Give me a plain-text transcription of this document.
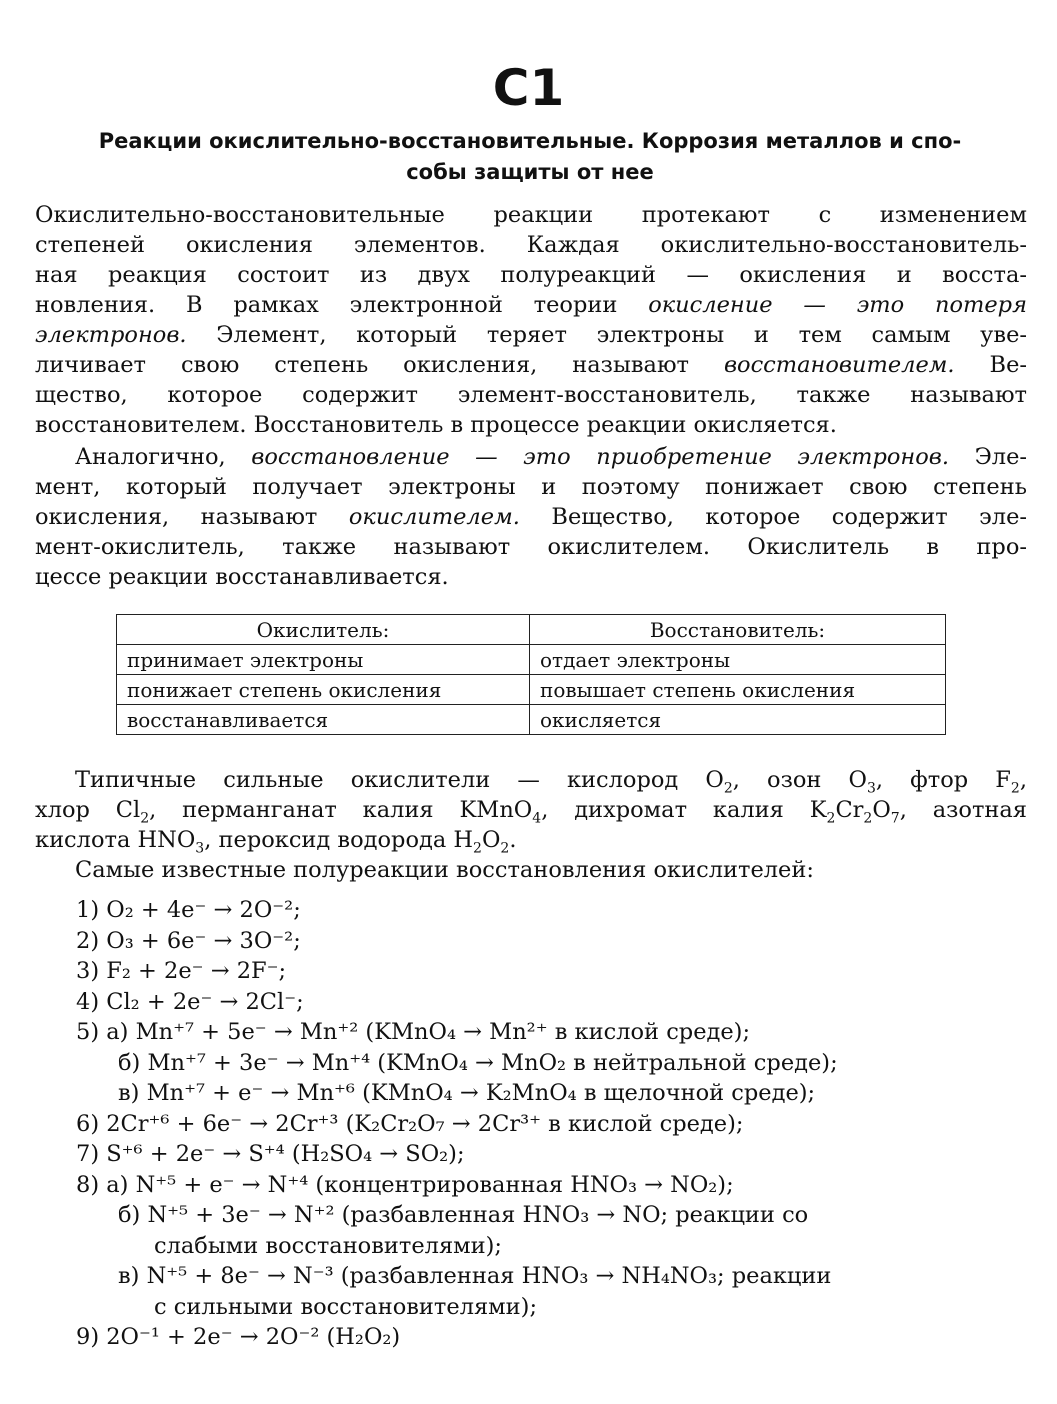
С1
Реакции окислительно-восстановительные. Коррозия металлов и спо-
собы защиты от нее
Окислительно-восстановительные реакции протекают с изменением
степеней окисления элементов. Каждая окислительно-восстановитель-
ная реакция состоит из двух полуреакций — окисления и восста-
новления. В рамках электронной теории окисление — это потеря
электронов. Элемент, который теряет электроны и тем самым уве-
личивает свою степень окисления, называют восстановителем. Ве-
щество, которое содержит элемент-восстановитель, также называют
восстановителем. Восстановитель в процессе реакции окисляется.
Аналогично, восстановление — это приобретение электронов. Эле-
мент, который получает электроны и поэтому понижает свою степень
окисления, называют окислителем. Вещество, которое содержит эле-
мент-окислитель, также называют окислителем. Окислитель в про-
цессе реакции восстанавливается.
Окислитель:	Восстановитель:
принимает электроны	отдает электроны
понижает степень окисления	повышает степень окисления
восстанавливается	окисляется
Типичные сильные окислители — кислород $O_2$, озон $O_3$, фтор $F_2$,
хлор $Cl_2$, перманганат калия KMnO$_4$, дихромат калия $K_2Cr_2O_7$, азотная
кислота $HNO_3$, пероксид водорода $H_2O_2$.
Самые известные полуреакции восстановления окислителей:
1) O₂ + 4e⁻ → 2O⁻²;
2) O₃ + 6e⁻ → 3O⁻²;
3) F₂ + 2e⁻ → 2F⁻;
4) Cl₂ + 2e⁻ → 2Cl⁻;
5) а) Mn⁺⁷ + 5e⁻ → Mn⁺² (KMnO₄ → Mn²⁺ в кислой среде);
б) Mn⁺⁷ + 3e⁻ → Mn⁺⁴ (KMnO₄ → MnO₂ в нейтральной среде);
в) Mn⁺⁷ + e⁻ → Mn⁺⁶ (KMnO₄ → K₂MnO₄ в щелочной среде);
6) 2Cr⁺⁶ + 6e⁻ → 2Cr⁺³ (K₂Cr₂O₇ → 2Cr³⁺ в кислой среде);
7) S⁺⁶ + 2e⁻ → S⁺⁴ (H₂SO₄ → SO₂);
8) а) N⁺⁵ + e⁻ → N⁺⁴ (концентрированная HNO₃ → NO₂);
б) N⁺⁵ + 3e⁻ → N⁺² (разбавленная HNO₃ → NO; реакции со
слабыми восстановителями);
в) N⁺⁵ + 8e⁻ → N⁻³ (разбавленная HNO₃ → NH₄NO₃; реакции
с сильными восстановителями);
9) 2O⁻¹ + 2e⁻ → 2O⁻² (H₂O₂)
